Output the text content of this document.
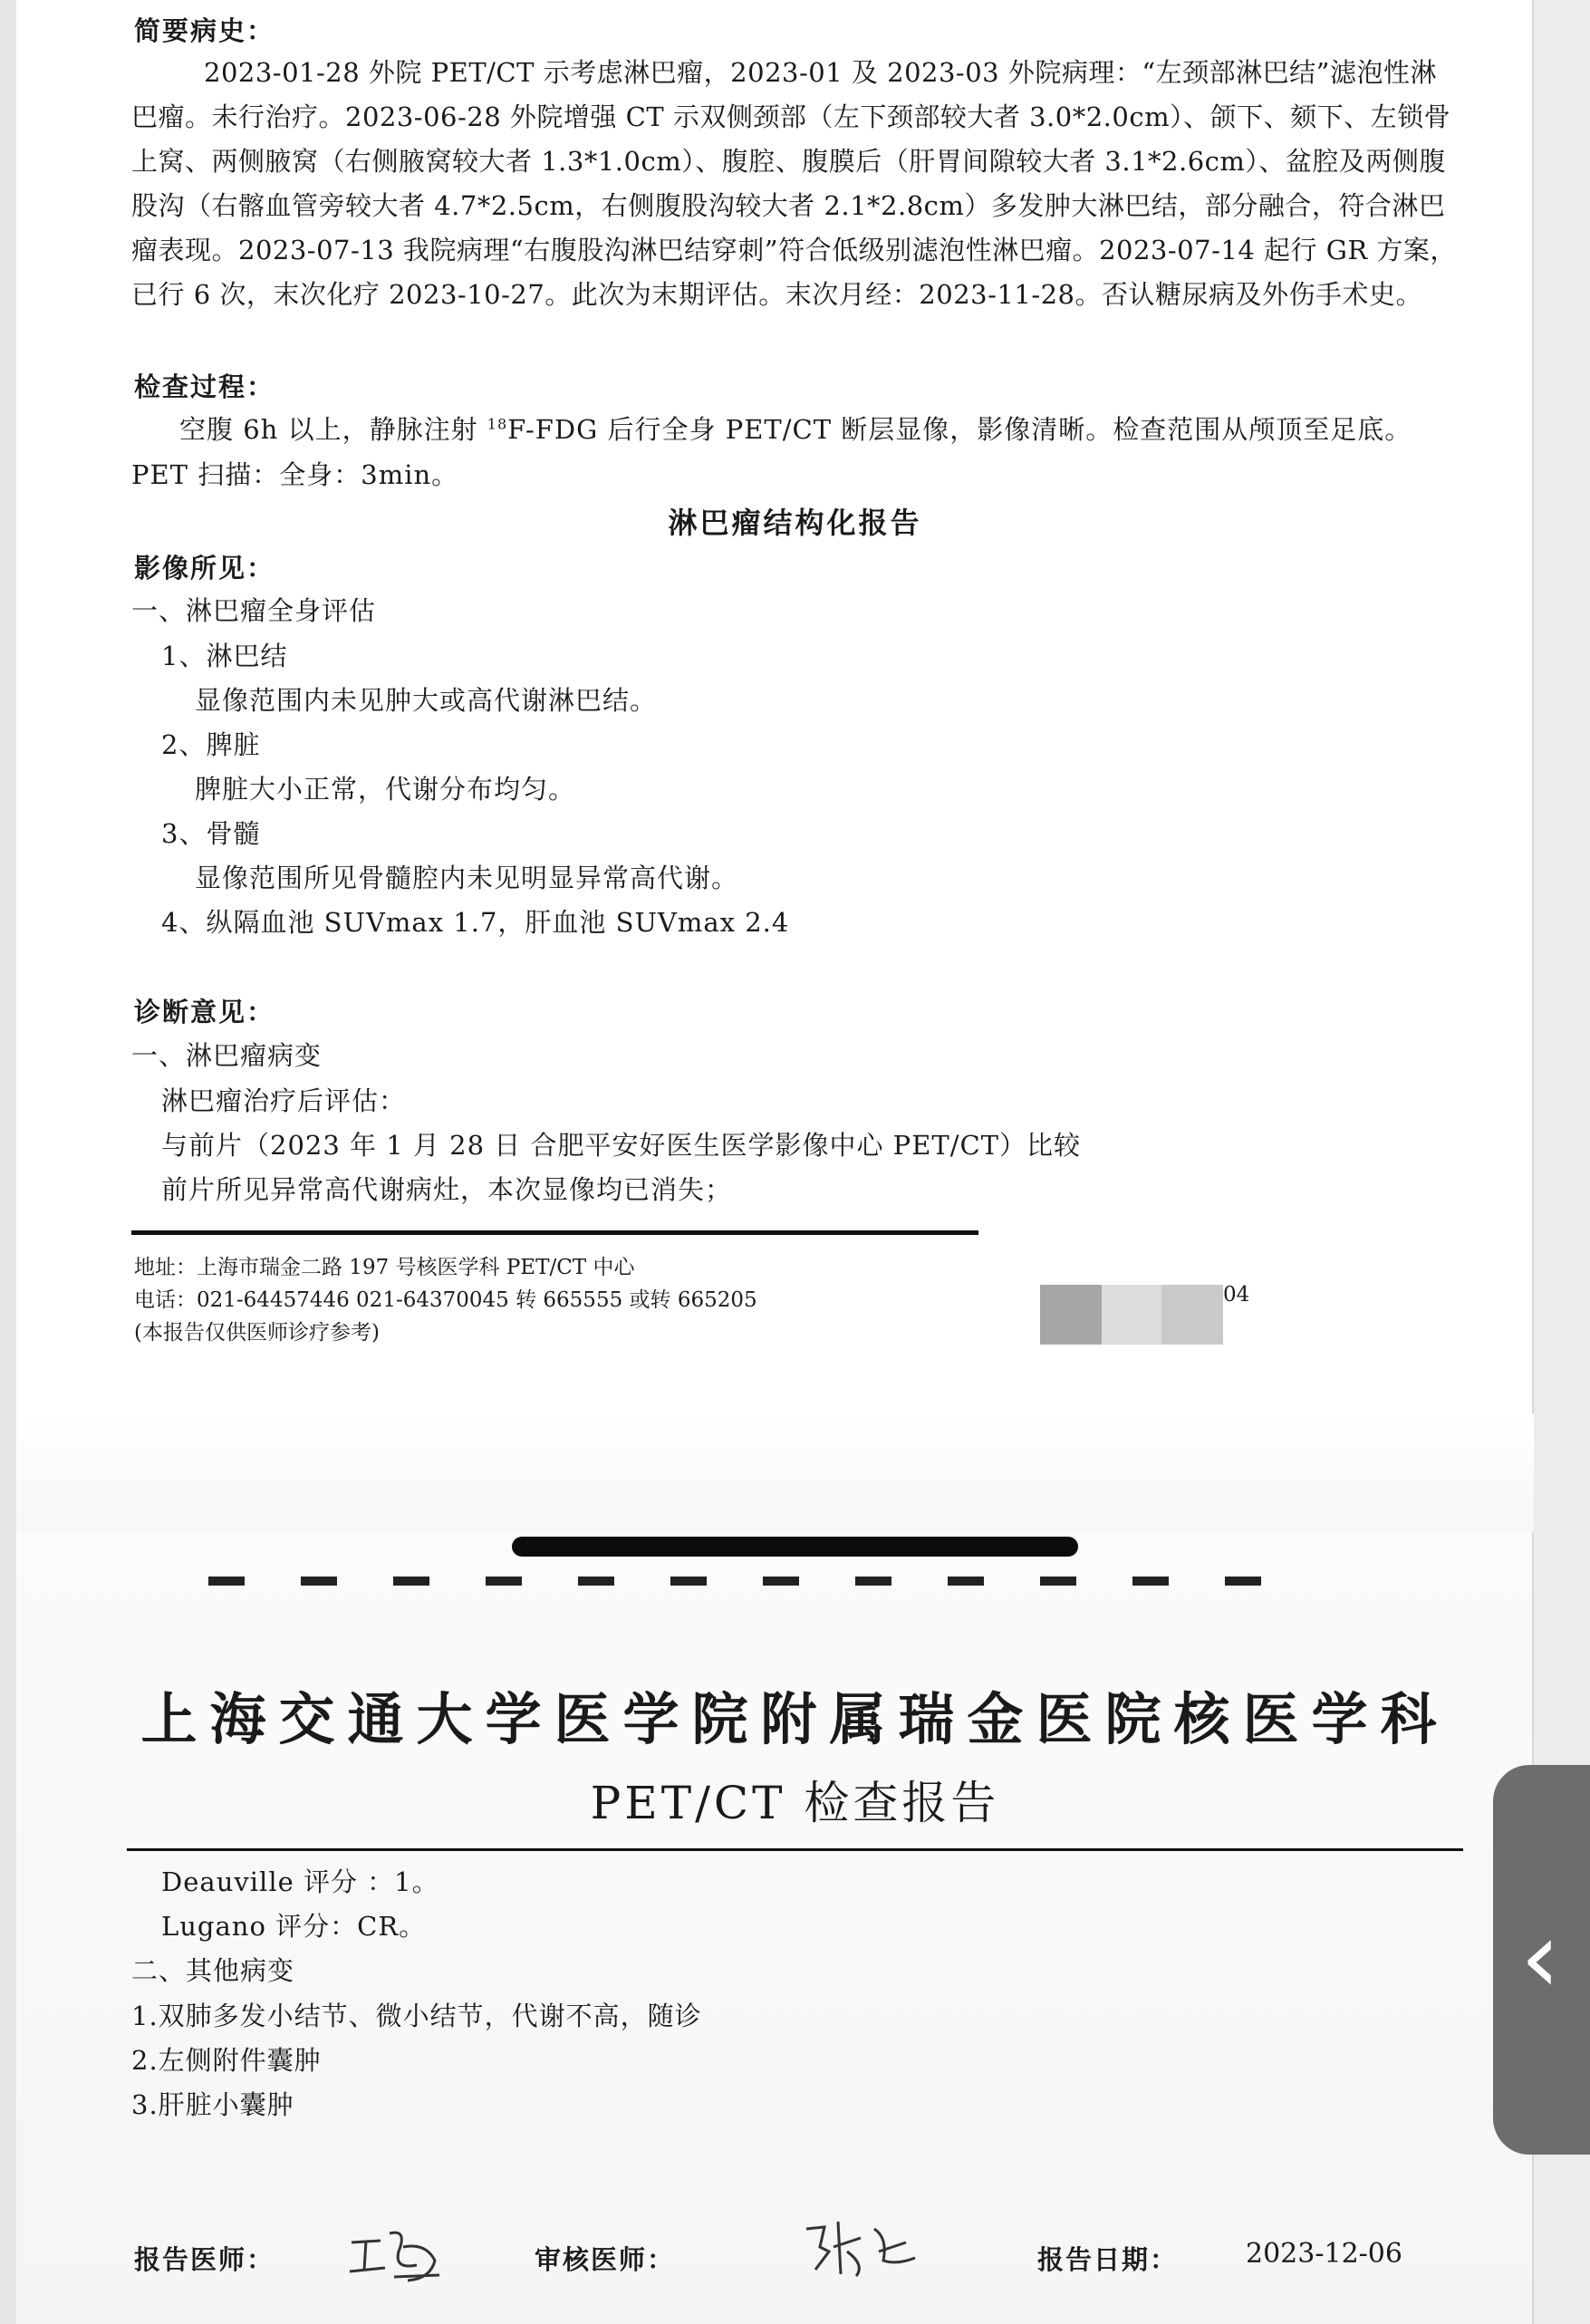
简要病史：
2023-01-28 外院 PET/CT 示考虑淋巴瘤，2023-01 及 2023-03 外院病理：“左颈部淋巴结”滤泡性淋巴瘤。未行治疗。2023-06-28 外院增强 CT 示双侧颈部（左下颈部较大者 3.0*2.0cm）、颌下、颏下、左锁骨上窝、两侧腋窝（右侧腋窝较大者 1.3*1.0cm）、腹腔、腹膜后（肝胃间隙较大者 3.1*2.6cm）、盆腔及两侧腹股沟（右髂血管旁较大者 4.7*2.5cm，右侧腹股沟较大者 2.1*2.8cm）多发肿大淋巴结，部分融合，符合淋巴瘤表现。2023-07-13 我院病理“右腹股沟淋巴结穿刺”符合低级别滤泡性淋巴瘤。2023-07-14 起行 GR 方案，已行 6 次，末次化疗 2023-10-27。此次为末期评估。末次月经：2023-11-28。否认糖尿病及外伤手术史。
检查过程：
空腹 6h 以上，静脉注射 $^{18}$F-FDG 后行全身 PET/CT 断层显像，影像清晰。检查范围从颅顶至足底。
PET 扫描：全身：3min。
淋巴瘤结构化报告
影像所见：
一、淋巴瘤全身评估
1、淋巴结
显像范围内未见肿大或高代谢淋巴结。
2、脾脏
脾脏大小正常，代谢分布均匀。
3、骨髓
显像范围所见骨髓腔内未见明显异常高代谢。
4、纵隔血池 SUVmax 1.7，肝血池 SUVmax 2.4
诊断意见：
一、淋巴瘤病变
淋巴瘤治疗后评估：
与前片（2023 年 1 月 28 日 合肥平安好医生医学影像中心 PET/CT）比较
前片所见异常高代谢病灶，本次显像均已消失；
地址：上海市瑞金二路 197 号核医学科 PET/CT 中心
电话：021-64457446 021-64370045 转 665555 或转 665205
(本报告仅供医师诊疗参考)
04
上海交通大学医学院附属瑞金医院核医学科
PET/CT 检查报告
Deauville 评分 ：1。
Lugano 评分：CR。
二、其他病变
1.双肺多发小结节、微小结节，代谢不高，随诊
2.左侧附件囊肿
3.肝脏小囊肿
报告医师：	审核医师：	报告日期： 2023-12-06
‹
